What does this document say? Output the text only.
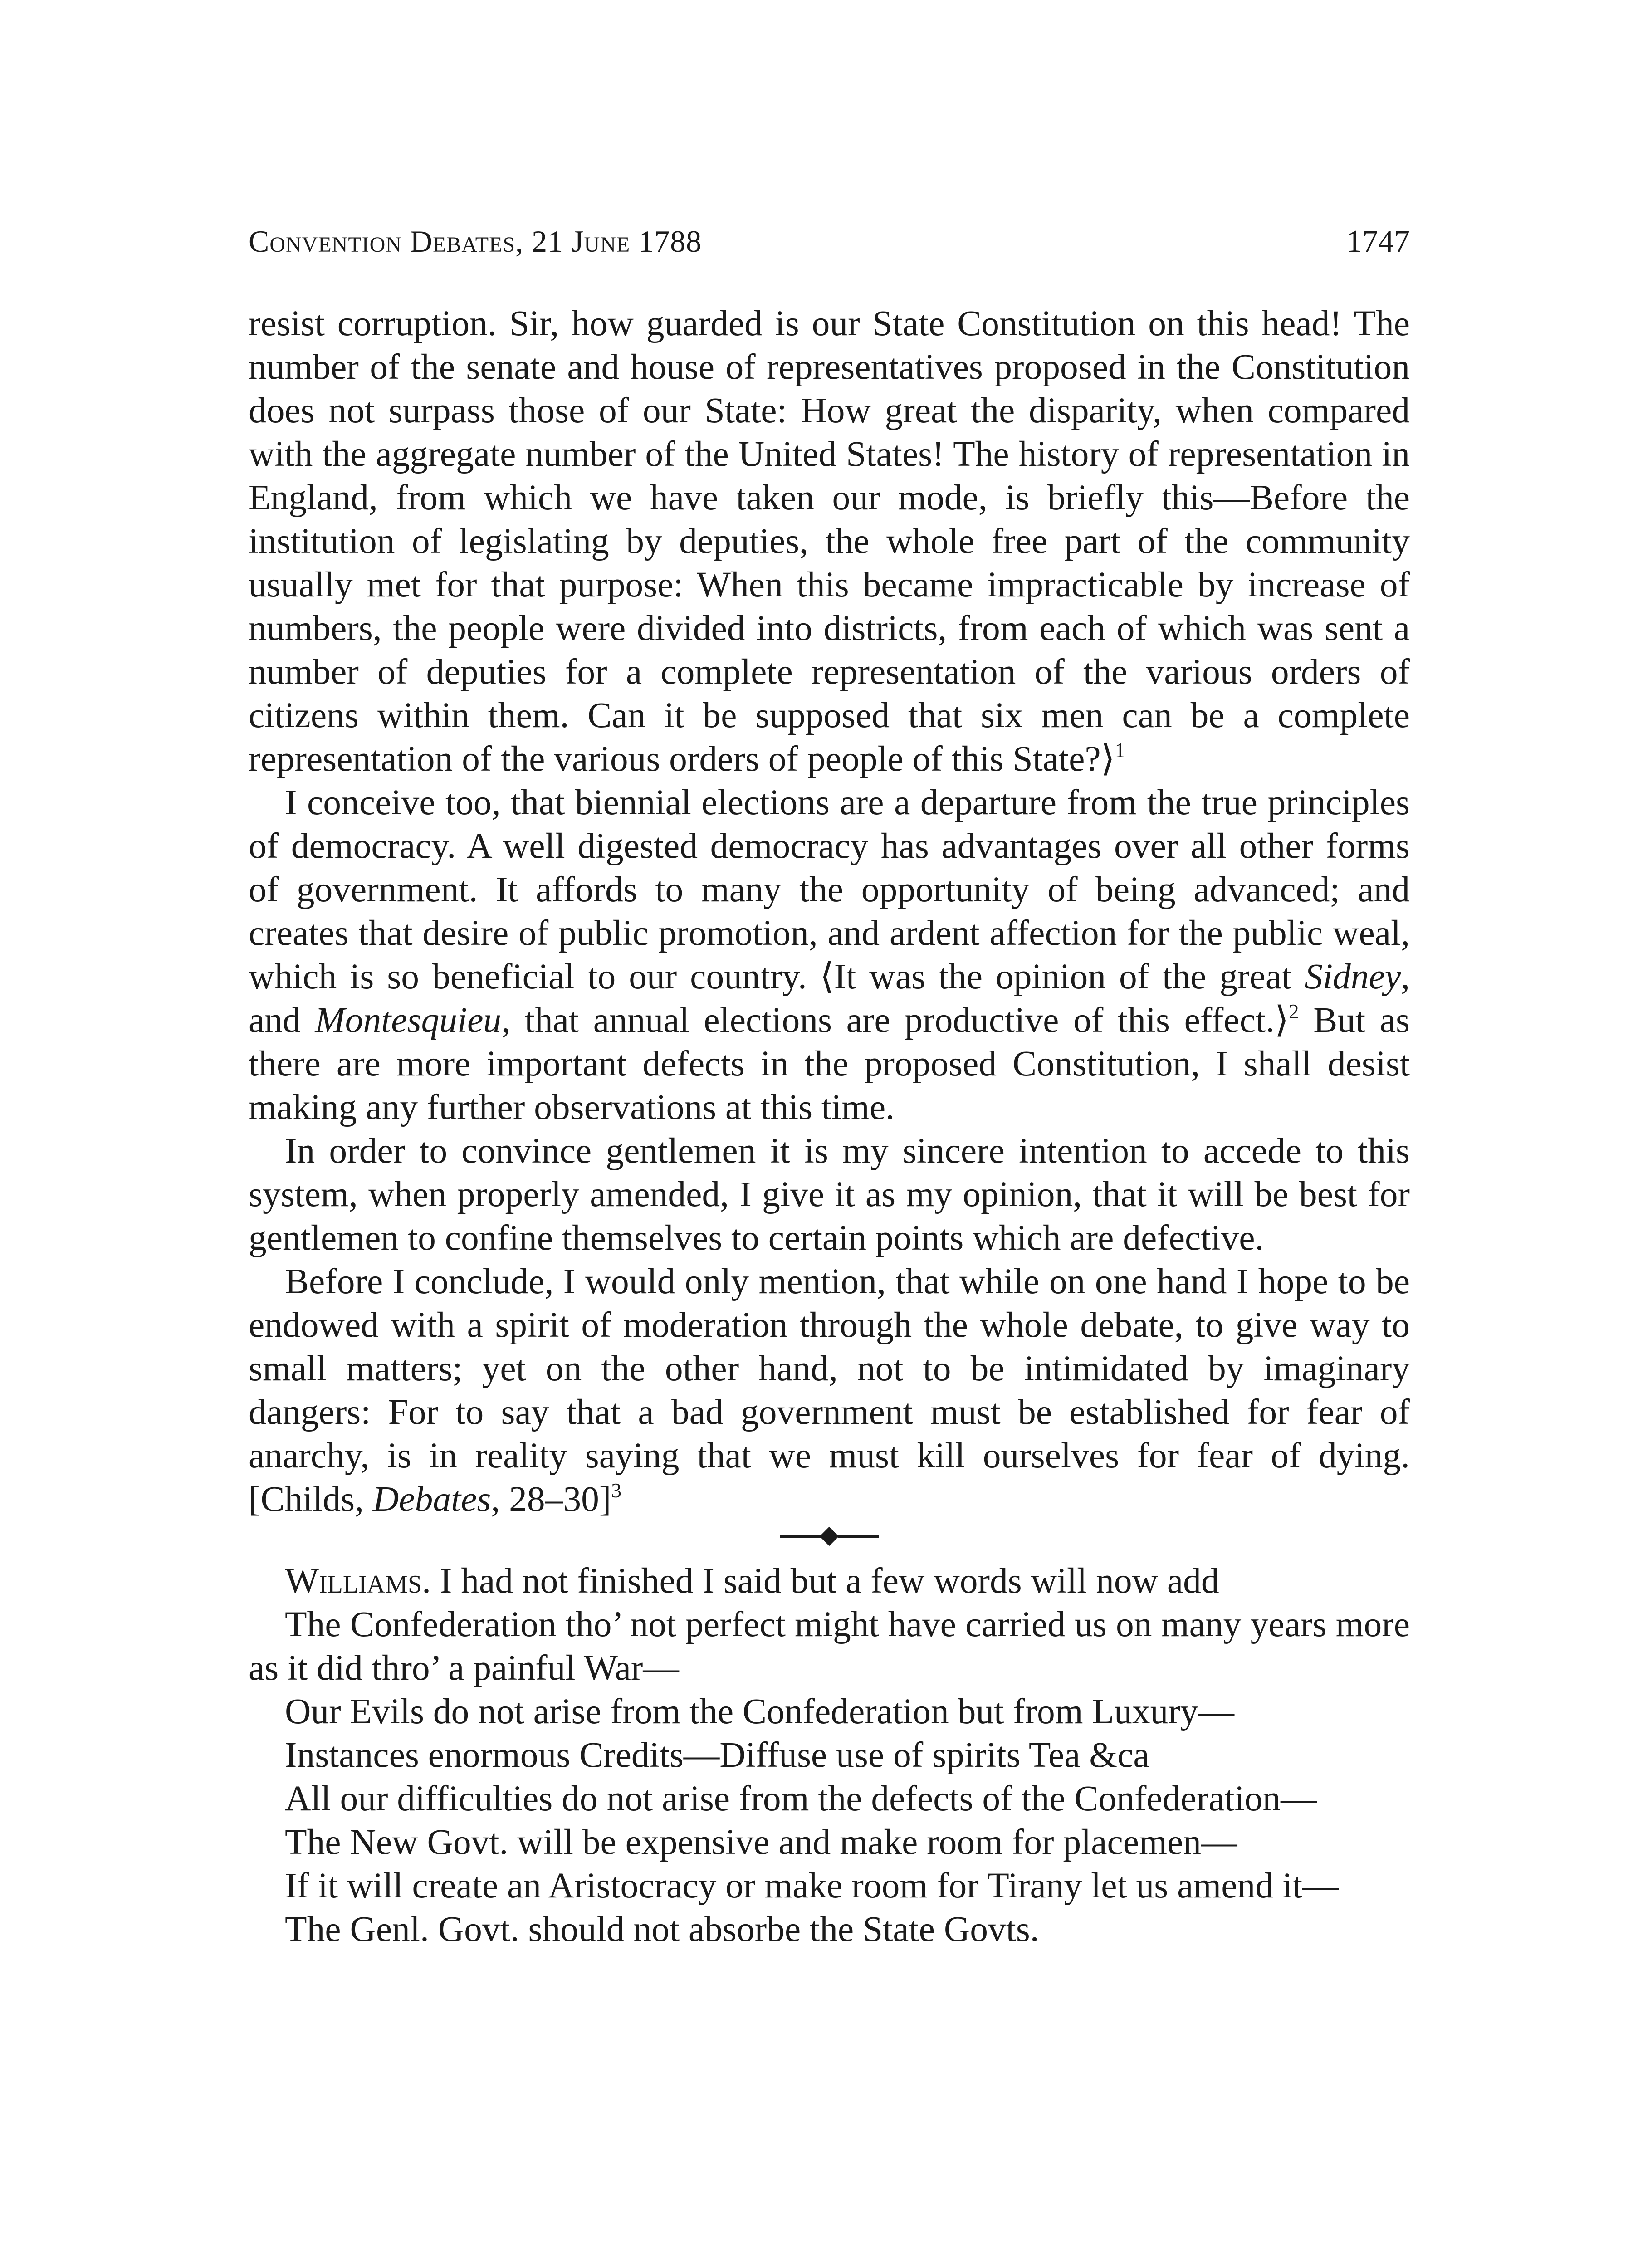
Convention Debates, 21 June 1788	1747

resist corruption. Sir, how guarded is our State Constitution on this head! The number of the senate and house of representatives proposed in the Constitution does not surpass those of our State: How great the disparity, when compared with the aggregate number of the United States! The history of representation in England, from which we have taken our mode, is briefly this—Before the institution of legislating by deputies, the whole free part of the community usually met for that purpose: When this became impracticable by increase of numbers, the people were divided into districts, from each of which was sent a number of deputies for a complete representation of the various orders of citizens within them. Can it be supposed that six men can be a complete representation of the various orders of people of this State?⟩$^1$

I conceive too, that biennial elections are a departure from the true principles of democracy. A well digested democracy has advantages over all other forms of government. It affords to many the opportunity of being advanced; and creates that desire of public promotion, and ardent affection for the public weal, which is so beneficial to our country. ⟨It was the opinion of the great Sidney, and Montesquieu, that annual elections are productive of this effect.⟩$^2$ But as there are more important defects in the proposed Constitution, I shall desist making any further observations at this time.

In order to convince gentlemen it is my sincere intention to accede to this system, when properly amended, I give it as my opinion, that it will be best for gentlemen to confine themselves to certain points which are defective.

Before I conclude, I would only mention, that while on one hand I hope to be endowed with a spirit of moderation through the whole debate, to give way to small matters; yet on the other hand, not to be intimidated by imaginary dangers: For to say that a bad government must be established for fear of anarchy, is in reality saying that we must kill ourselves for fear of dying. [Childs, Debates, 28–30]$^3$

Williams. I had not finished I said but a few words will now add

The Confederation tho’ not perfect might have carried us on many years more as it did thro’ a painful War—

Our Evils do not arise from the Confederation but from Luxury—

Instances enormous Credits—Diffuse use of spirits Tea &ca

All our difficulties do not arise from the defects of the Confederation—

The New Govt. will be expensive and make room for placemen—

If it will create an Aristocracy or make room for Tirany let us amend it—

The Genl. Govt. should not absorbe the State Govts.
